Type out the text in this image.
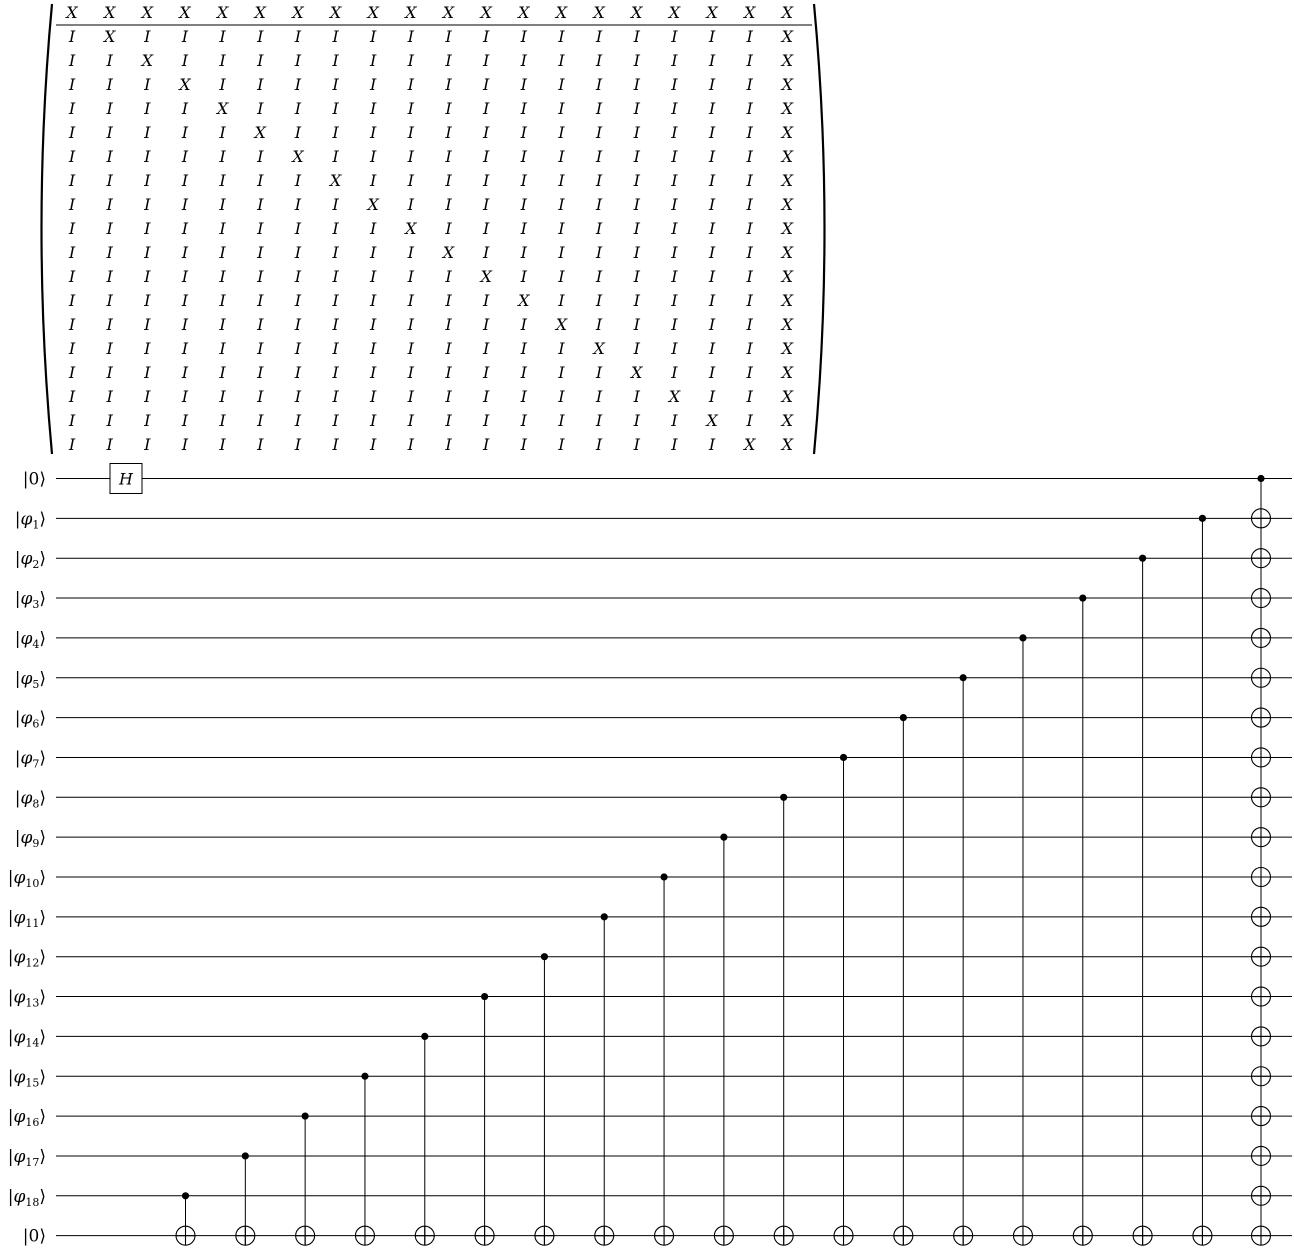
X X X X X X X X X X X X X X X X X X X X
I X I I I I I I I I I I I I I I I I I X
I I X I I I I I I I I I I I I I I I I X
I I I X I I I I I I I I I I I I I I I X
I I I I X I I I I I I I I I I I I I I X
I I I I I X I I I I I I I I I I I I I X
I I I I I I X I I I I I I I I I I I I X
I I I I I I I X I I I I I I I I I I I X
I I I I I I I I X I I I I I I I I I I X
I I I I I I I I I X I I I I I I I I I X
I I I I I I I I I I X I I I I I I I I X
I I I I I I I I I I I X I I I I I I I X
I I I I I I I I I I I I X I I I I I I X
I I I I I I I I I I I I I X I I I I I X
I I I I I I I I I I I I I I X I I I I X
I I I I I I I I I I I I I I I X I I I X
I I I I I I I I I I I I I I I I X I I X
I I I I I I I I I I I I I I I I I X I X
I I I I I I I I I I I I I I I I I I X X
|0⟩
$|\varphi_1⟩$
$|\varphi_2⟩$
$|\varphi_3⟩$
$|\varphi_4⟩$
$|\varphi_5⟩$
$|\varphi_6⟩$
$|\varphi_7⟩$
$|\varphi_8⟩$
$|\varphi_9⟩$
$|\varphi_{10}⟩$
$|\varphi_{11}⟩$
$|\varphi_{12}⟩$
$|\varphi_{13}⟩$
$|\varphi_{14}⟩$
$|\varphi_{15}⟩$
$|\varphi_{16}⟩$
$|\varphi_{17}⟩$
$|\varphi_{18}⟩$
|0⟩
H
